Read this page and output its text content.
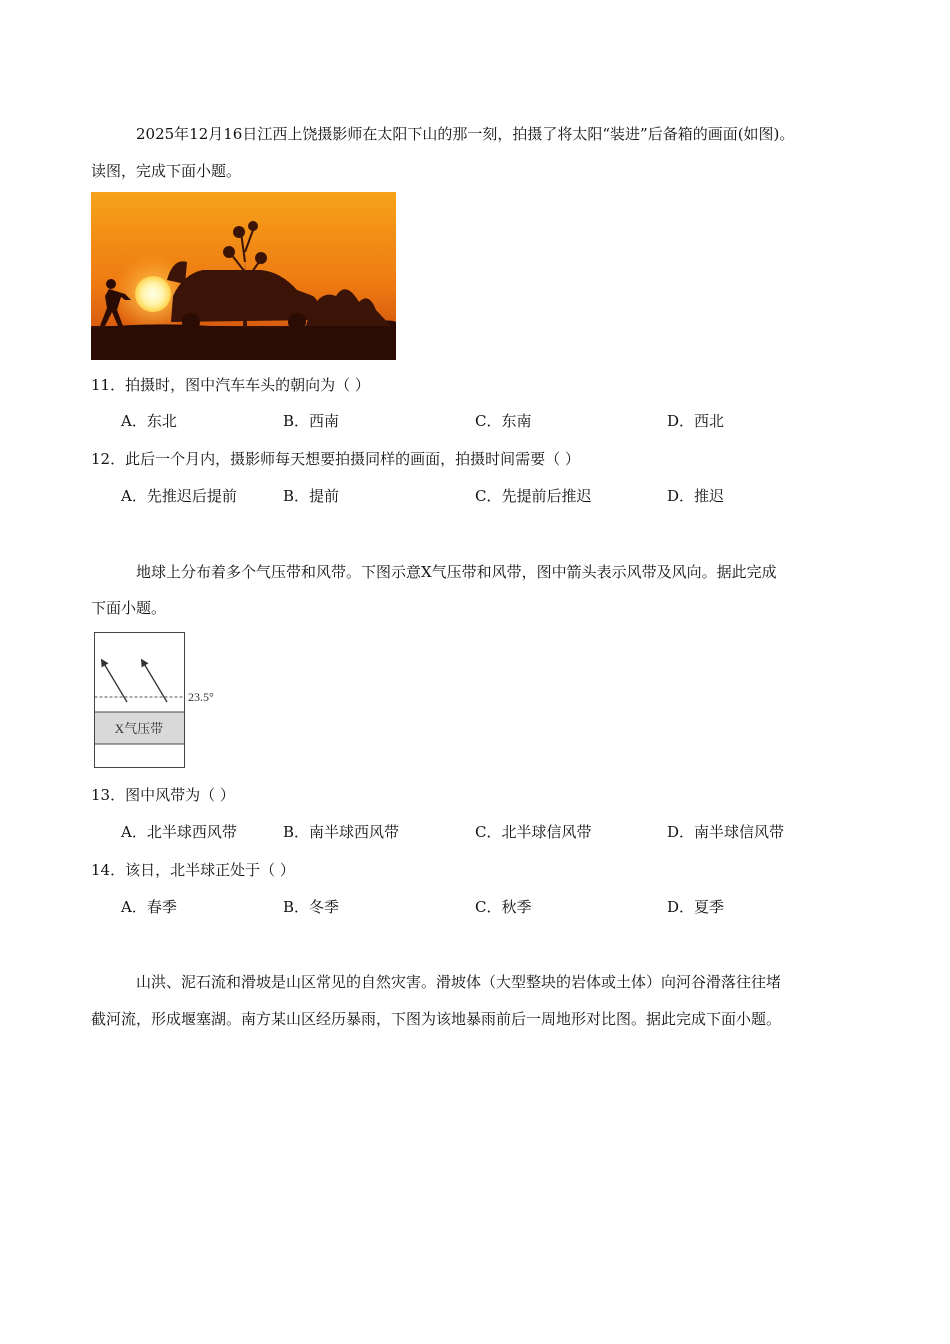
2025年12月16日江西上饶摄影师在太阳下山的那一刻，拍摄了将太阳“装进”后备箱的画面(如图)。
读图，完成下面小题。
11．拍摄时，图中汽车车头的朝向为（ ）
A．东北	B．西南	C．东南	D．西北
12．此后一个月内，摄影师每天想要拍摄同样的画面，拍摄时间需要（ ）
A．先推迟后提前	B．提前	C．先提前后推迟	D．推迟
地球上分布着多个气压带和风带。下图示意X气压带和风带，图中箭头表示风带及风向。据此完成
下面小题。
23.5°
X气压带
13．图中风带为（ ）
A．北半球西风带	B．南半球西风带	C．北半球信风带	D．南半球信风带
14．该日，北半球正处于（ ）
A．春季	B．冬季	C．秋季	D．夏季
山洪、泥石流和滑坡是山区常见的自然灾害。滑坡体（大型整块的岩体或土体）向河谷滑落往往堵
截河流，形成堰塞湖。南方某山区经历暴雨，下图为该地暴雨前后一周地形对比图。据此完成下面小题。
